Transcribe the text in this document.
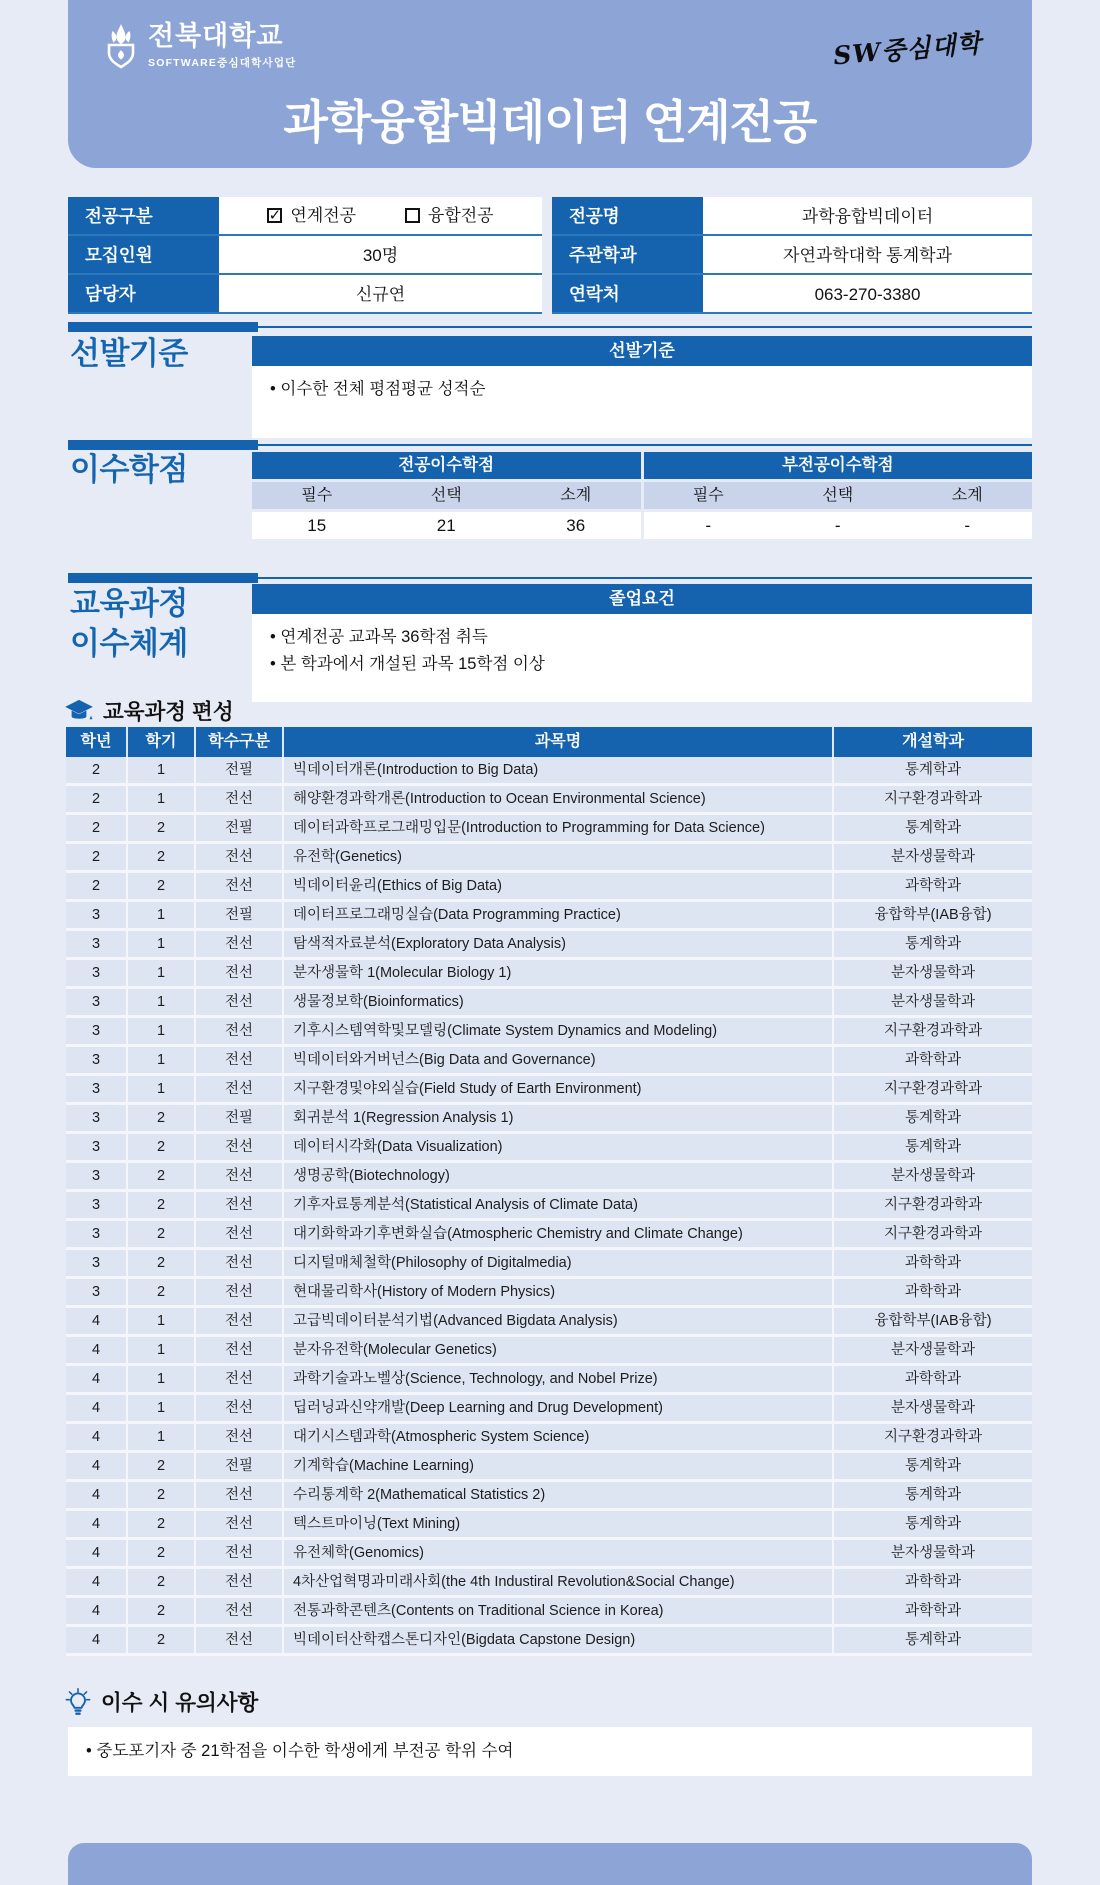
전북대학교
SOFTWARE중심대학사업단	SW중심대학
과학융합빅데이터 연계전공
전공구분	✓ 연계전공	융합전공	전공명	과학융합빅데이터
모집인원	30명	주관학과	자연과학대학 통계학과
담당자	신규연	연락처	063-270-3380
선발기준	선발기준
• 이수한 전체 평점평균 성적순
이수학점	전공이수학점	부전공이수학점
필수	선택	소계	필수	선택	소계
15	21	36	-	-	-
교육과정
이수체계
졸업요건
• 연계전공 교과목 36학점 취득
• 본 학과에서 개설된 과목 15학점 이상
교육과정 편성
학년	학기	학수구분	과목명	개설학과
2	1	전필	빅데이터개론(Introduction to Big Data)	통계학과
2	1	전선	해양환경과학개론(Introduction to Ocean Environmental Science)	지구환경과학과
2	2	전필	데이터과학프로그래밍입문(Introduction to Programming for Data Science)	통계학과
2	2	전선	유전학(Genetics)	분자생물학과
2	2	전선	빅데이터윤리(Ethics of Big Data)	과학학과
3	1	전필	데이터프로그래밍실습(Data Programming Practice)	융합학부(IAB융합)
3	1	전선	탐색적자료분석(Exploratory Data Analysis)	통계학과
3	1	전선	분자생물학 1(Molecular Biology 1)	분자생물학과
3	1	전선	생물정보학(Bioinformatics)	분자생물학과
3	1	전선	기후시스템역학및모델링(Climate System Dynamics and Modeling)	지구환경과학과
3	1	전선	빅데이터와거버넌스(Big Data and Governance)	과학학과
3	1	전선	지구환경및야외실습(Field Study of Earth Environment)	지구환경과학과
3	2	전필	회귀분석 1(Regression Analysis 1)	통계학과
3	2	전선	데이터시각화(Data Visualization)	통계학과
3	2	전선	생명공학(Biotechnology)	분자생물학과
3	2	전선	기후자료통계분석(Statistical Analysis of Climate Data)	지구환경과학과
3	2	전선	대기화학과기후변화실습(Atmospheric Chemistry and Climate Change)	지구환경과학과
3	2	전선	디지털매체철학(Philosophy of Digitalmedia)	과학학과
3	2	전선	현대물리학사(History of Modern Physics)	과학학과
4	1	전선	고급빅데이터분석기법(Advanced Bigdata Analysis)	융합학부(IAB융합)
4	1	전선	분자유전학(Molecular Genetics)	분자생물학과
4	1	전선	과학기술과노벨상(Science, Technology, and Nobel Prize)	과학학과
4	1	전선	딥러닝과신약개발(Deep Learning and Drug Development)	분자생물학과
4	1	전선	대기시스템과학(Atmospheric System Science)	지구환경과학과
4	2	전필	기계학습(Machine Learning)	통계학과
4	2	전선	수리통계학 2(Mathematical Statistics 2)	통계학과
4	2	전선	텍스트마이닝(Text Mining)	통계학과
4	2	전선	유전체학(Genomics)	분자생물학과
4	2	전선	4차산업혁명과미래사회(the 4th Industiral Revolution&Social Change)	과학학과
4	2	전선	전통과학콘텐츠(Contents on Traditional Science in Korea)	과학학과
4	2	전선	빅데이터산학캡스톤디자인(Bigdata Capstone Design)	통계학과
이수 시 유의사항
• 중도포기자 중 21학점을 이수한 학생에게 부전공 학위 수여
